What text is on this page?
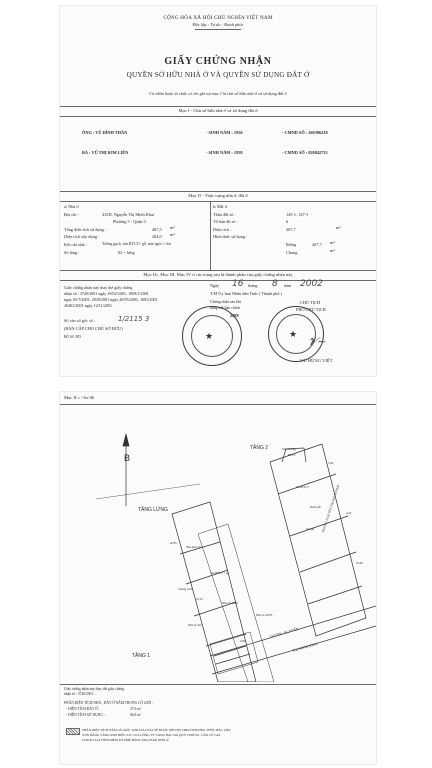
CỘNG HÒA XÃ HỘI CHỦ NGHĨA VIỆT NAM
Độc lập - Tự do - Hạnh phúc
GIẤY CHỨNG NHẬN
QUYỀN SỞ HỮU NHÀ Ở VÀ QUYỀN SỬ DỤNG ĐẤT Ở
Cá nhân hoặc tổ chức có tên ghi tại mục I là chủ sở hữu nhà ở và sử dụng đất ở
Mục I - Chủ sở hữu nhà ở và sử dụng đất ở
ÔNG : VŨ ĐÌNH THẦN	- SINH NĂM : 1956	- CMND SỐ : 260396228
BÀ : VŨ THỊ KIM LIÊN	- SINH NĂM : 1958	- CMND SỐ : 020842755
Mục II - Thực trạng nhà ở, đất ở
a/ Nhà ở
Địa chỉ :	410D, Nguyễn Thị Minh Khai
Phường 5 - Quận 3
Tổng diện tích sử dụng :	467,5 m²
Diện tích xây dựng :	264,0 m²
Kết cấu nhà :	Tường gạch, sàn BTCT+ gỗ, mái ngói + tôn
Số tầng :	02 + lửng
b/ Đất ở
Thửa đất số :	145-1, 147-1
Tờ bản đồ số :	6
Diện tích :	267,7	m²
Hình thức sử dụng :
Riêng	267,7 m²
Chung	m²
Mục IIc, Mục III, Mục IV ở các trang sau là thành phần của giấy chứng nhận này
Giấy chứng nhận này thay thế giấy chứng
nhận số : 3740/2001 ngày 19/02/2001; 1008/1/2001
ngày 05/7/2001; 2939/2001 ngày 20/05/2001; 1005/2001
26402/2001 ngày 12/11/2001.
Số vào sổ gốc số :	1/2115 3
(BẢN CẤP CHO CHỦ SỞ HỮU)
BỘ SC-ND
Ngày 16 tháng 8 năm 2002
T.M Ủy ban Nhân dân Tỉnh ( Thành phố )
Chứng nhận sau khi
đăng với bản chính
2489
CHỦ TỊCH
PHÓ CHỦ TỊCH
VŨ HÙNG VIỆT
★	★
𝓥~
Mục II c / Sơ đồ
B
TẦNG 2
TẦNG LỬNG
TẦNG 1
ĐƯỜNG NGUYỄN
THỊ MINH KHAI
ĐƯỜNG NGUYỄN THỊ MINH KHAI
Sân thượng
BTCT
Sàn BTCT
Sàn gỗ
Sàn BTCT + gỗ
Nhà phía sau
Nhà số 410D
Nhà số 410 B
Nhà số 412
Chung vách
Ranh đất
3,40
4,35
18,40
20,85
25,25
4,85
Giấy chứng nhận này thay thế giấy chứng
nhận số : 3740/2001 ...
PHẦN DIỆN TÍCH NHÀ , ĐẤT Ở NẰM TRONG LỘ GIỚI :
- DIỆN TÍCH ĐẤT Ở :	37,6 m²
- DIỆN TÍCH SỬ DỤNG :	66,8 m²
PHẦN DIỆN TÍCH NẰM LỘ GIỚI , KHI GIẢI TỎA SẼ ĐƯỢC ĐỀN BÙ THEO PHƯƠNG THỨC BẮC TÔN
VỐN BẰNG VÀNG 9999 HIỆU SJC CỦA CÔNG TY VÀNG BẠC ĐÁ QUÝ TP.HCM , CĂN CỨ GIÁ
CHUẨN TẠI THỜI ĐIỂM KÝ HỢP ĐỒNG MUA BÁN NHÀ Ở
